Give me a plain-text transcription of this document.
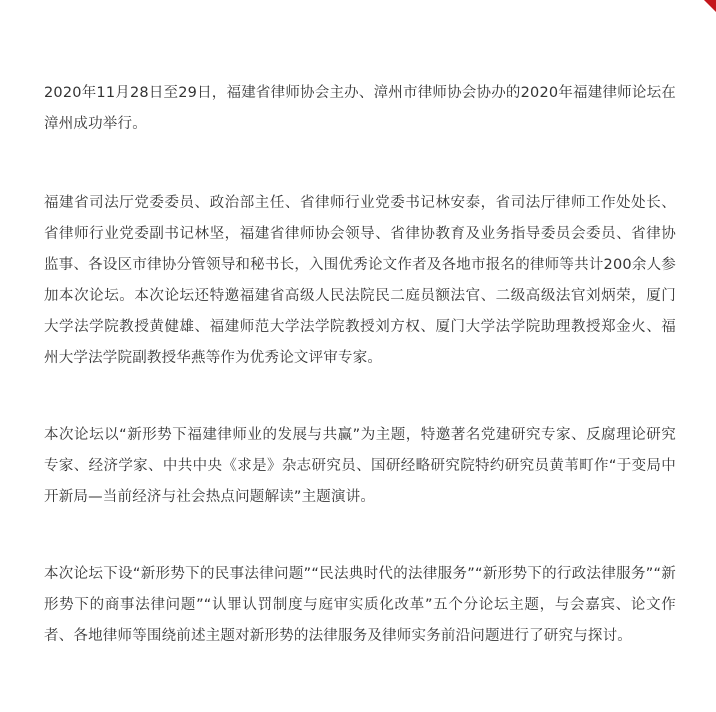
2020年11月28日至29日，福建省律师协会主办、漳州市律师协会协办的2020年福建律师论坛在漳州成功举行。

福建省司法厅党委委员、政治部主任、省律师行业党委书记林安泰，省司法厅律师工作处处长、省律师行业党委副书记林坚，福建省律师协会领导、省律协教育及业务指导委员会委员、省律协监事、各设区市律协分管领导和秘书长，入围优秀论文作者及各地市报名的律师等共计200余人参加本次论坛。本次论坛还特邀福建省高级人民法院民二庭员额法官、二级高级法官刘炳荣，厦门大学法学院教授黄健雄、福建师范大学法学院教授刘方权、厦门大学法学院助理教授郑金火、福州大学法学院副教授华燕等作为优秀论文评审专家。

本次论坛以“新形势下福建律师业的发展与共赢”为主题，特邀著名党建研究专家、反腐理论研究专家、经济学家、中共中央《求是》杂志研究员、国研经略研究院特约研究员黄苇町作“于变局中开新局—当前经济与社会热点问题解读”主题演讲。

本次论坛下设“新形势下的民事法律问题”“民法典时代的法律服务”“新形势下的行政法律服务”“新形势下的商事法律问题”“认罪认罚制度与庭审实质化改革”五个分论坛主题，与会嘉宾、论文作者、各地律师等围绕前述主题对新形势的法律服务及律师实务前沿问题进行了研究与探讨。
